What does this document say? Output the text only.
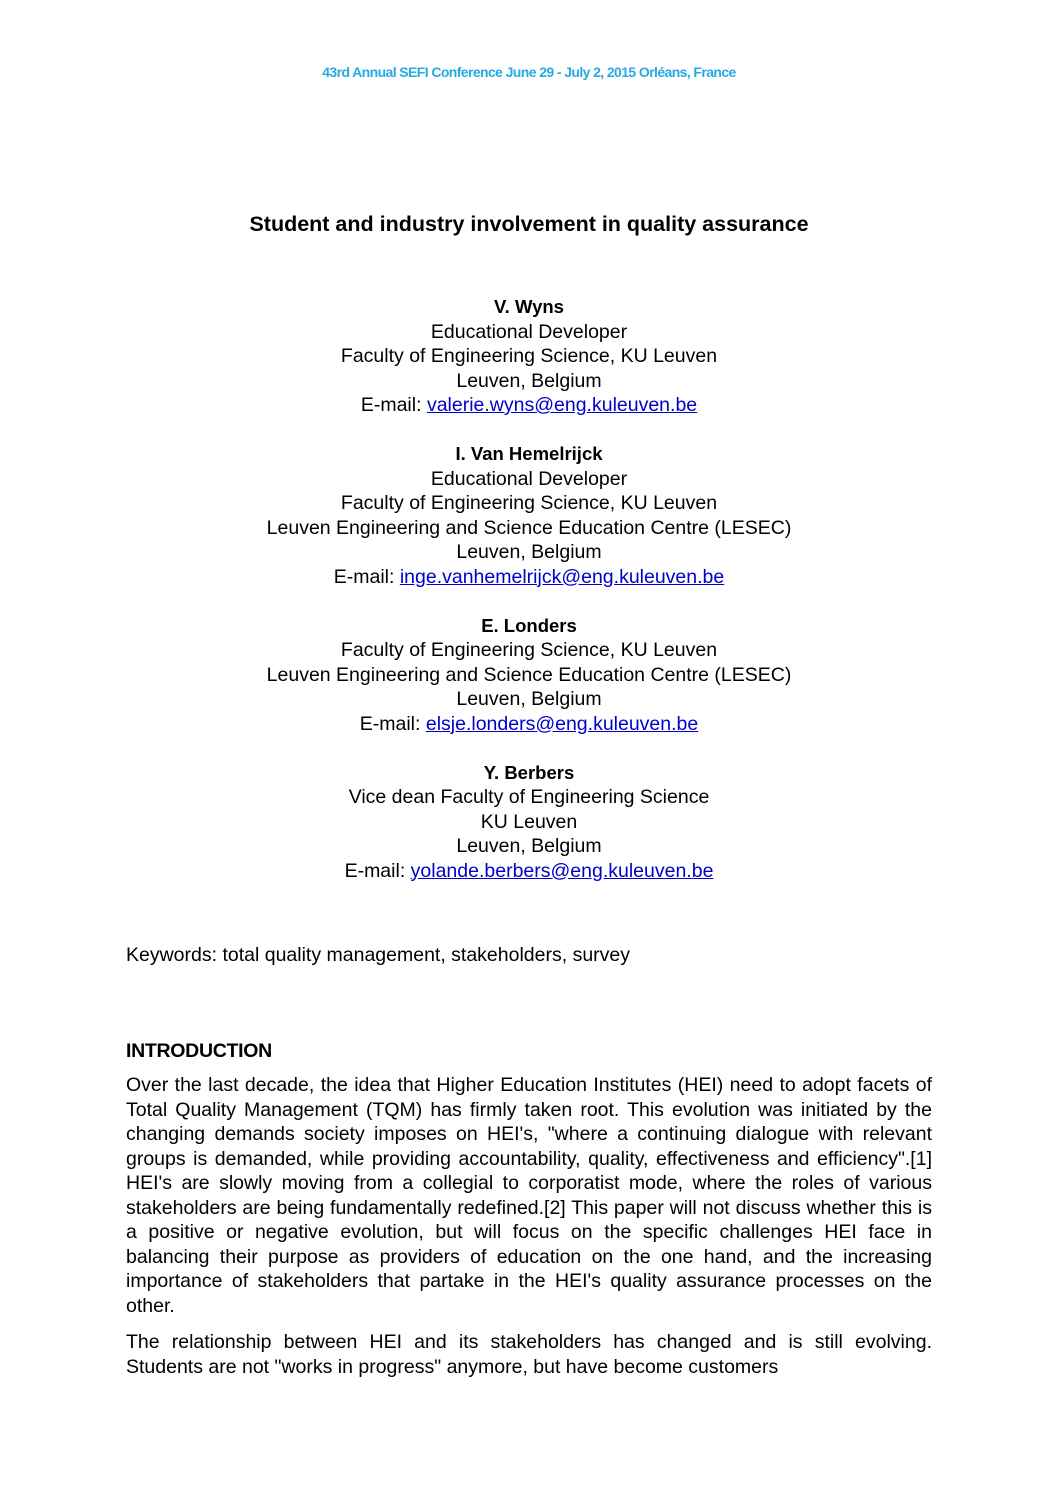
43rd Annual SEFI Conference June 29 - July 2, 2015 Orléans, France
Student and industry involvement in quality assurance
V. Wyns
Educational Developer
Faculty of Engineering Science, KU Leuven
Leuven, Belgium
E-mail: valerie.wyns@eng.kuleuven.be
I. Van Hemelrijck
Educational Developer
Faculty of Engineering Science, KU Leuven
Leuven Engineering and Science Education Centre (LESEC)
Leuven, Belgium
E-mail: inge.vanhemelrijck@eng.kuleuven.be
E. Londers
Faculty of Engineering Science, KU Leuven
Leuven Engineering and Science Education Centre (LESEC)
Leuven, Belgium
E-mail: elsje.londers@eng.kuleuven.be
Y. Berbers
Vice dean Faculty of Engineering Science
KU Leuven
Leuven, Belgium
E-mail: yolande.berbers@eng.kuleuven.be
Keywords: total quality management, stakeholders, survey
INTRODUCTION

Over the last decade, the idea that Higher Education Institutes (HEI) need to adopt facets of Total Quality Management (TQM) has firmly taken root. This evolution was initiated by the changing demands society imposes on HEI's, "where a continuing dialogue with relevant groups is demanded, while providing accountability, quality, effectiveness and efficiency".[1] HEI's are slowly moving from a collegial to corporatist mode, where the roles of various stakeholders are being fundamentally redefined.[2] This paper will not discuss whether this is a positive or negative evolution, but will focus on the specific challenges HEI face in balancing their purpose as providers of education on the one hand, and the increasing importance of stakeholders that partake in the HEI's quality assurance processes on the other.

The relationship between HEI and its stakeholders has changed and is still evolving. Students are not "works in progress" anymore, but have become customers
